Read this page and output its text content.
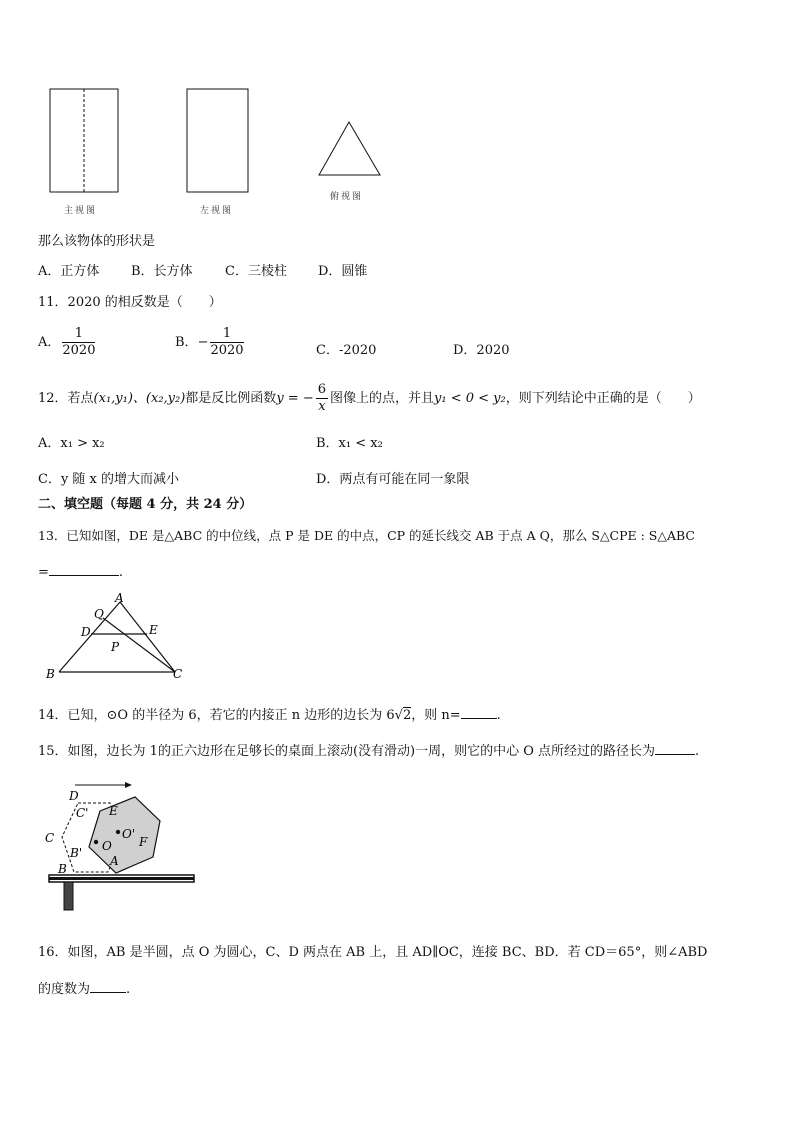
主视图	左视图
俯视图
那么该物体的形状是
A．正方体 B．长方体 C．三棱柱 D．圆锥
11．2020 的相反数是（　　）
A． $\frac{1}{2020}$	B．− $\frac{1}{2020}$	C．-2020	D．2020
12．若点(x₁,y₁)、(x₂,y₂)都是反比例函数y = − $\frac{6}{x}$ 图像上的点，并且y₁ < 0 < y₂，则下列结论中正确的是（　　）
A．x₁ > x₂	B．x₁ < x₂
C．y 随 x 的增大而减小	D．两点有可能在同一象限
二、填空题（每题 4 分，共 24 分）
13．已知如图，DE 是△ABC 的中位线，点 P 是 DE 的中点，CP 的延长线交 AB 于点 A Q，那么 S△CPE : S△ABC
=	.
A
Q
D	E
P
B	C
14．已知，⊙O 的半径为 6，若它的内接正 n 边形的边长为 6√2，则 n=	.
15．如图，边长为 1的正六边形在足够长的桌面上滚动(没有滑动)一周，则它的中心 O 点所经过的路径长为	.
D
E
C'
C	O'
F
O
B'
A
B
16．如图，AB 是半圆，点 O 为圆心，C、D 两点在 AB 上，且 AD∥OC，连接 BC、BD．若 CD＝65°，则∠ABD
的度数为	.
